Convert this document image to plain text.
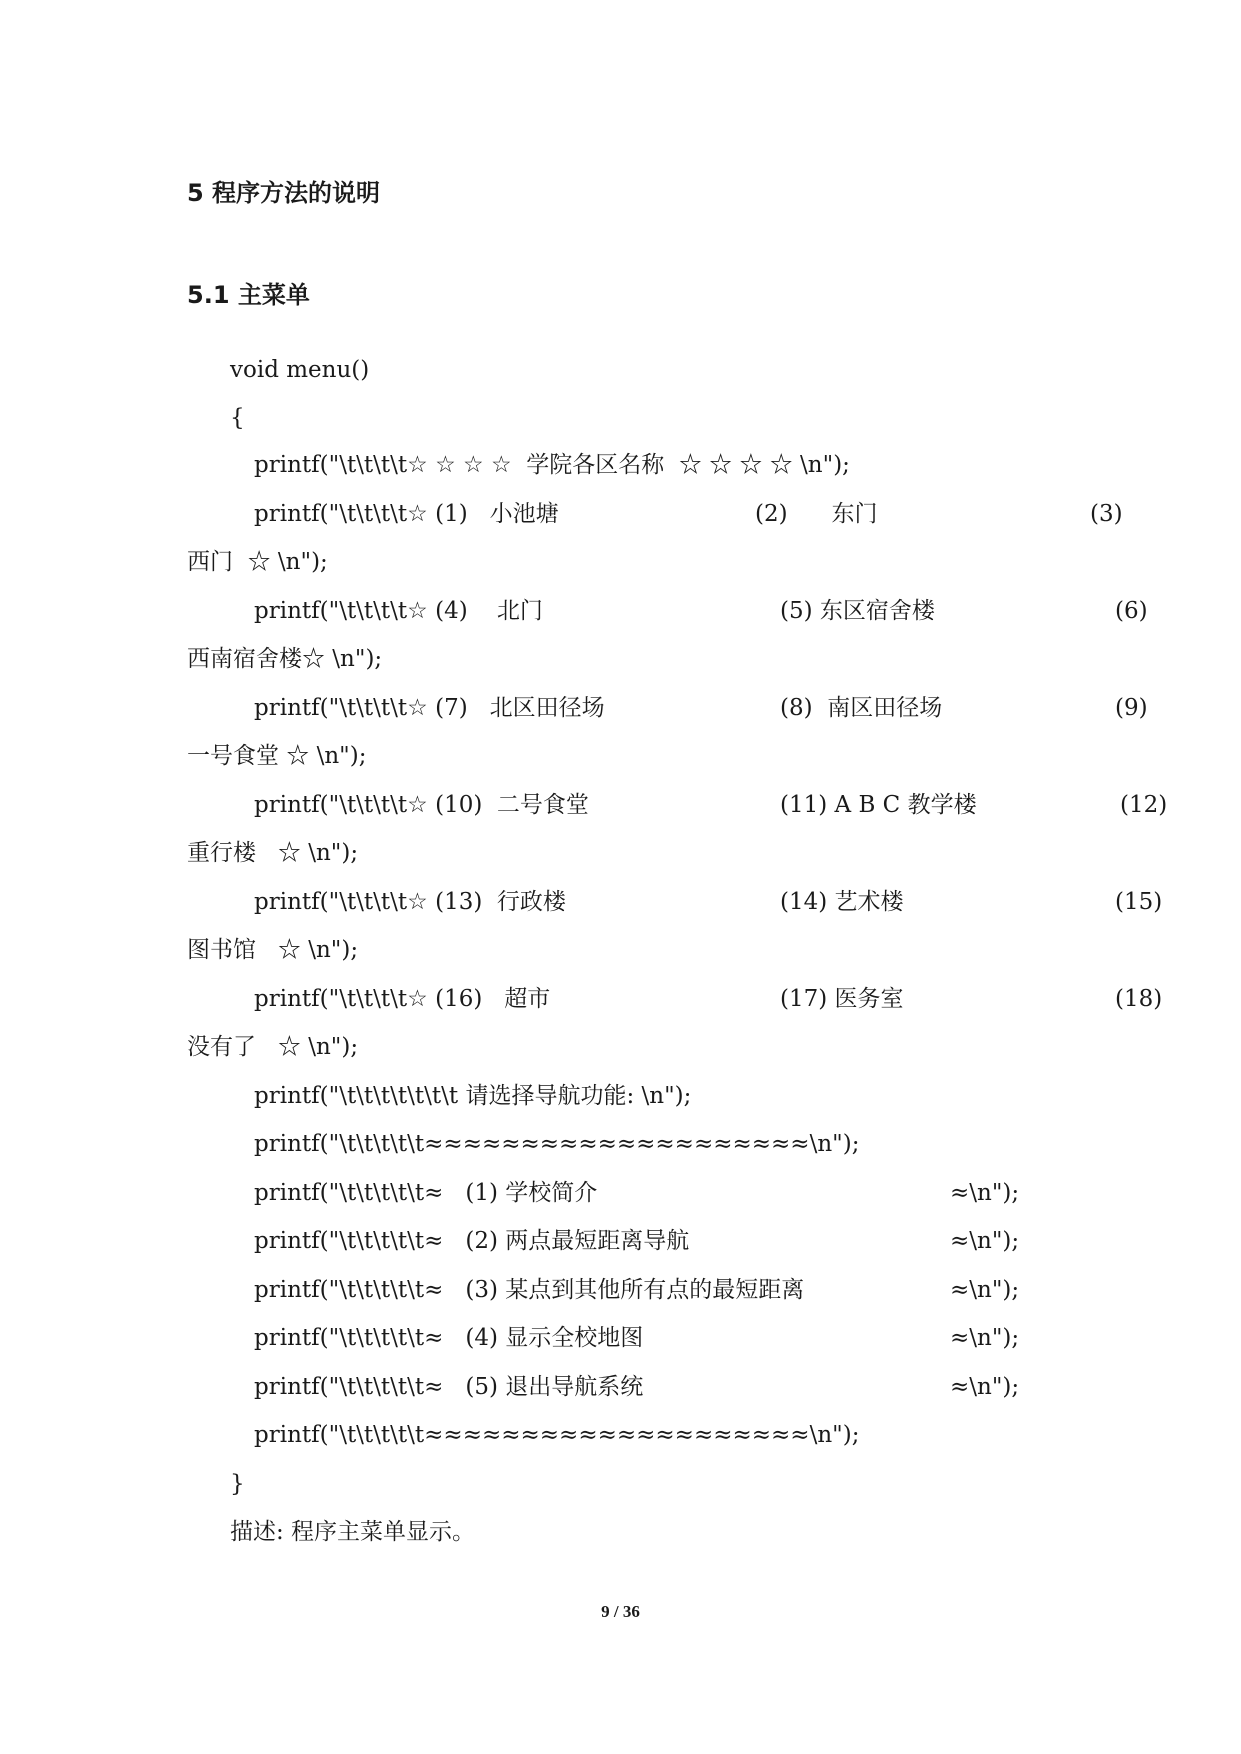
5 程序方法的说明
5.1 主菜单
void menu()
{
printf("\t\t\t\t☆ ☆ ☆ ☆  学院各区名称  ☆ ☆ ☆ ☆ \n");
printf("\t\t\t\t☆ (1)   小池塘	(2)      东门	(3)
西门  ☆ \n");
printf("\t\t\t\t☆ (4)    北门	(5) 东区宿舍楼	(6)
西南宿舍楼☆ \n");
printf("\t\t\t\t☆ (7)   北区田径场	(8)  南区田径场	(9)
一号食堂 ☆ \n");
printf("\t\t\t\t☆ (10)  二号食堂	(11) A B C 教学楼	(12)
重行楼   ☆ \n");
printf("\t\t\t\t☆ (13)  行政楼	(14) 艺术楼	(15)
图书馆   ☆ \n");
printf("\t\t\t\t☆ (16)   超市	(17) 医务室	(18)
没有了   ☆ \n");
printf("\t\t\t\t\t\t\t 请选择导航功能: \n");
printf("\t\t\t\t\t≈≈≈≈≈≈≈≈≈≈≈≈≈≈≈≈≈≈≈≈\n");
printf("\t\t\t\t\t≈   (1) 学校简介	≈\n");
printf("\t\t\t\t\t≈   (2) 两点最短距离导航	≈\n");
printf("\t\t\t\t\t≈   (3) 某点到其他所有点的最短距离	≈\n");
printf("\t\t\t\t\t≈   (4) 显示全校地图	≈\n");
printf("\t\t\t\t\t≈   (5) 退出导航系统	≈\n");
printf("\t\t\t\t\t≈≈≈≈≈≈≈≈≈≈≈≈≈≈≈≈≈≈≈≈\n");
}
描述: 程序主菜单显示。
9 / 36
